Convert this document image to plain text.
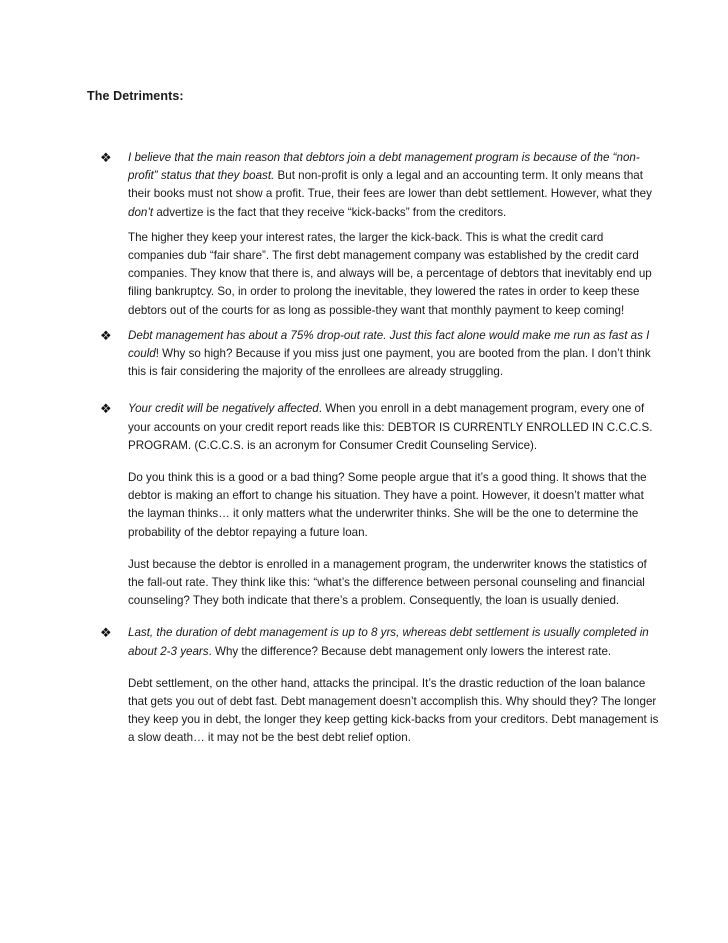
The Detriments:
❖ I believe that the main reason that debtors join a debt management program is because of the “non-profit” status that they boast. But non-profit is only a legal and an accounting term. It only means that their books must not show a profit. True, their fees are lower than debt settlement. However, what they don’t advertize is the fact that they receive “kick-backs” from the creditors.

The higher they keep your interest rates, the larger the kick-back. This is what the credit card companies dub “fair share”. The first debt management company was established by the credit card companies. They know that there is, and always will be, a percentage of debtors that inevitably end up filing bankruptcy. So, in order to prolong the inevitable, they lowered the rates in order to keep these debtors out of the courts for as long as possible-they want that monthly payment to keep coming!

❖ Debt management has about a 75% drop-out rate. Just this fact alone would make me run as fast as I could! Why so high? Because if you miss just one payment, you are booted from the plan. I don’t think this is fair considering the majority of the enrollees are already struggling.

❖ Your credit will be negatively affected. When you enroll in a debt management program, every one of your accounts on your credit report reads like this: DEBTOR IS CURRENTLY ENROLLED IN C.C.C.S. PROGRAM. (C.C.C.S. is an acronym for Consumer Credit Counseling Service).

Do you think this is a good or a bad thing? Some people argue that it’s a good thing. It shows that the debtor is making an effort to change his situation. They have a point. However, it doesn’t matter what the layman thinks… it only matters what the underwriter thinks. She will be the one to determine the probability of the debtor repaying a future loan.

Just because the debtor is enrolled in a management program, the underwriter knows the statistics of the fall-out rate. They think like this: “what’s the difference between personal counseling and financial counseling? They both indicate that there’s a problem. Consequently, the loan is usually denied.

❖ Last, the duration of debt management is up to 8 yrs, whereas debt settlement is usually completed in about 2-3 years. Why the difference? Because debt management only lowers the interest rate.

Debt settlement, on the other hand, attacks the principal. It’s the drastic reduction of the loan balance that gets you out of debt fast. Debt management doesn’t accomplish this. Why should they? The longer they keep you in debt, the longer they keep getting kick-backs from your creditors. Debt management is a slow death… it may not be the best debt relief option.
